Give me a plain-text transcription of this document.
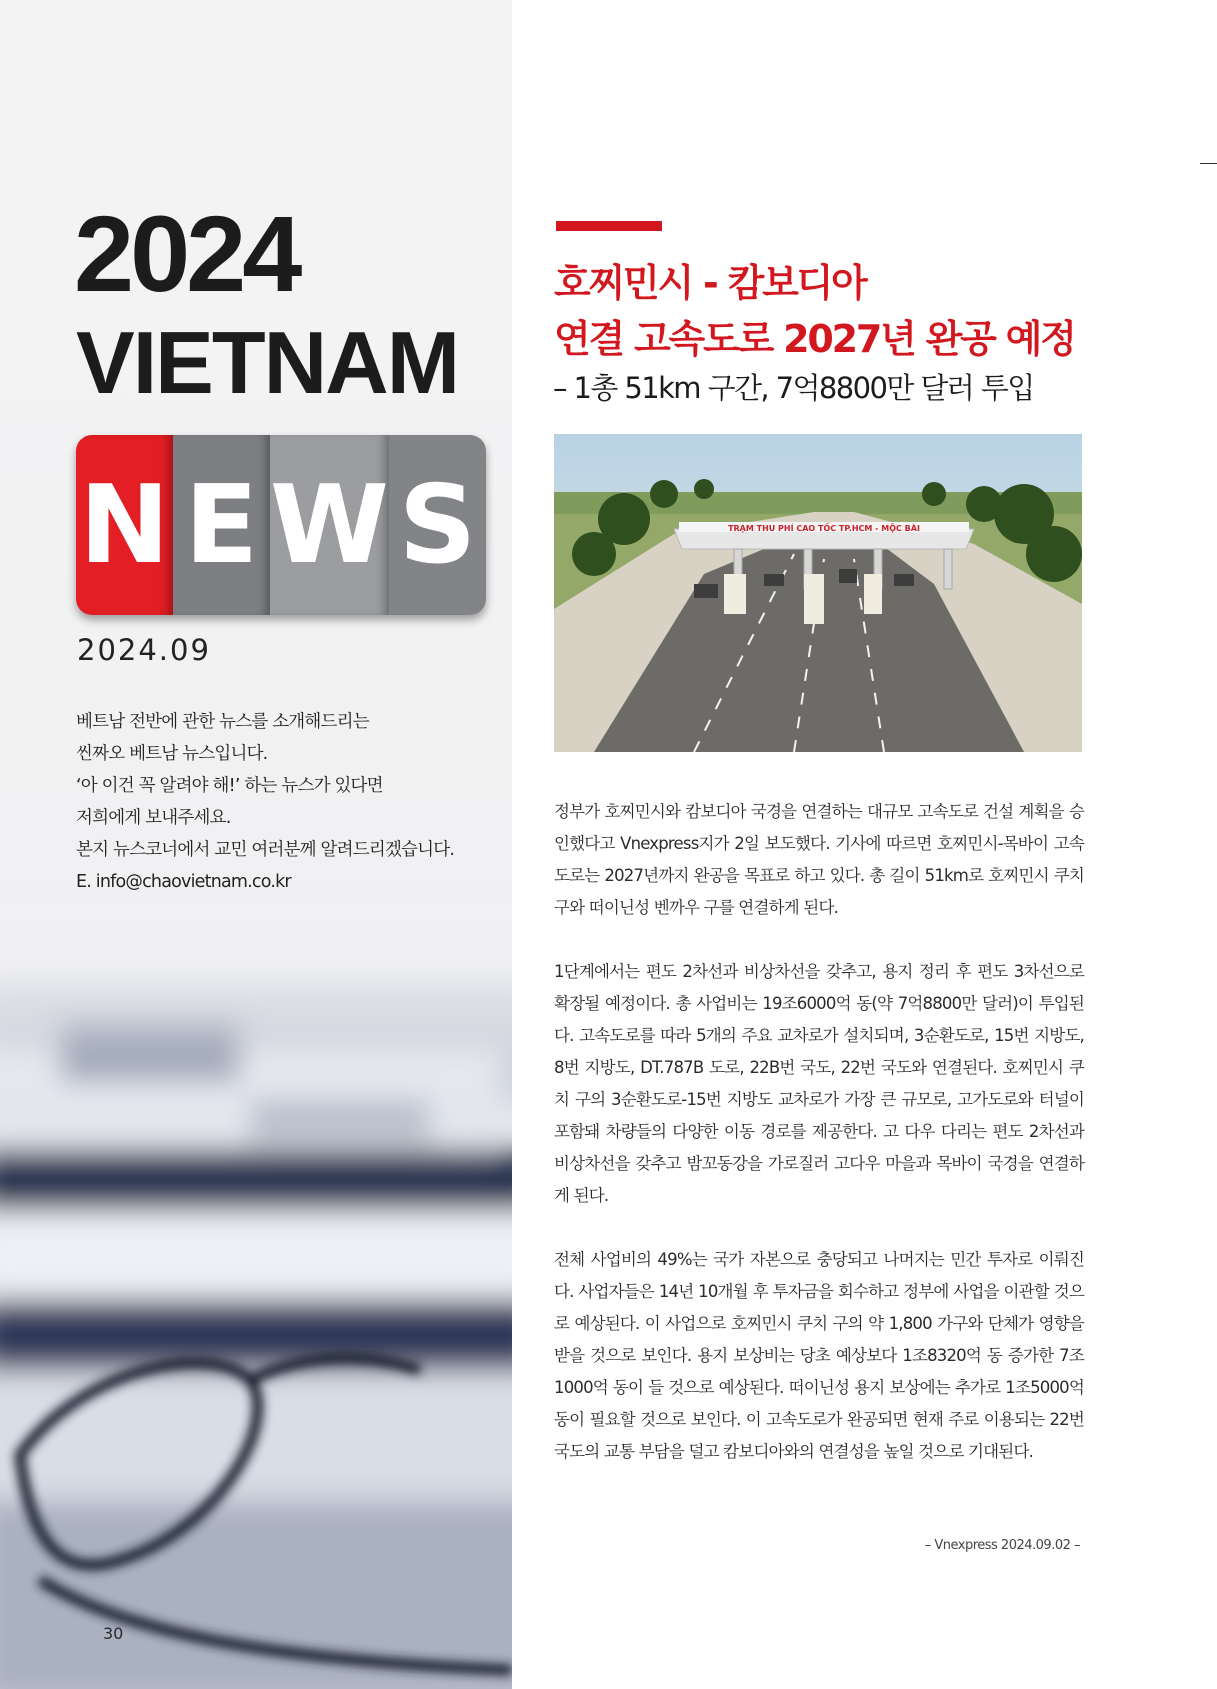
2024
VIETNAM
N E W S
2024.09
베트남 전반에 관한 뉴스를 소개해드리는
씬짜오 베트남 뉴스입니다.
‘아 이건 꼭 알려야 해!’ 하는 뉴스가 있다면
저희에게 보내주세요.
본지 뉴스코너에서 교민 여러분께 알려드리겠습니다.
E. info@chaovietnam.co.kr
30
호찌민시 - 캄보디아
연결 고속도로 2027년 완공 예정
– 1총 51km 구간, 7억8800만 달러 투입
TRẠM THU PHÍ CAO TỐC TP.HCM - MỘC BÀI

정부가 호찌민시와 캄보디아 국경을 연결하는 대규모 고속도로 건설 계획을 승인했다고 Vnexpress지가 2일 보도했다. 기사에 따르면 호찌민시-목바이 고속도로는 2027년까지 완공을 목표로 하고 있다. 총 길이 51km로 호찌민시 쿠치 구와 떠이닌성 벤까우 구를 연결하게 된다.

1단계에서는 편도 2차선과 비상차선을 갖추고, 용지 정리 후 편도 3차선으로 확장될 예정이다. 총 사업비는 19조6000억 동(약 7억8800만 달러)이 투입된다. 고속도로를 따라 5개의 주요 교차로가 설치되며, 3순환도로, 15번 지방도, 8번 지방도, DT.787B 도로, 22B번 국도, 22번 국도와 연결된다. 호찌민시 쿠치 구의 3순환도로-15번 지방도 교차로가 가장 큰 규모로, 고가도로와 터널이 포함돼 차량들의 다양한 이동 경로를 제공한다. 고 다우 다리는 편도 2차선과 비상차선을 갖추고 밤꼬동강을 가로질러 고다우 마을과 목바이 국경을 연결하게 된다.

전체 사업비의 49%는 국가 자본으로 충당되고 나머지는 민간 투자로 이뤄진다. 사업자들은 14년 10개월 후 투자금을 회수하고 정부에 사업을 이관할 것으로 예상된다. 이 사업으로 호찌민시 쿠치 구의 약 1,800 가구와 단체가 영향을 받을 것으로 보인다. 용지 보상비는 당초 예상보다 1조8320억 동 증가한 7조1000억 동이 들 것으로 예상된다. 떠이닌성 용지 보상에는 추가로 1조5000억 동이 필요할 것으로 보인다. 이 고속도로가 완공되면 현재 주로 이용되는 22번 국도의 교통 부담을 덜고 캄보디아와의 연결성을 높일 것으로 기대된다.

– Vnexpress 2024.09.02 –
